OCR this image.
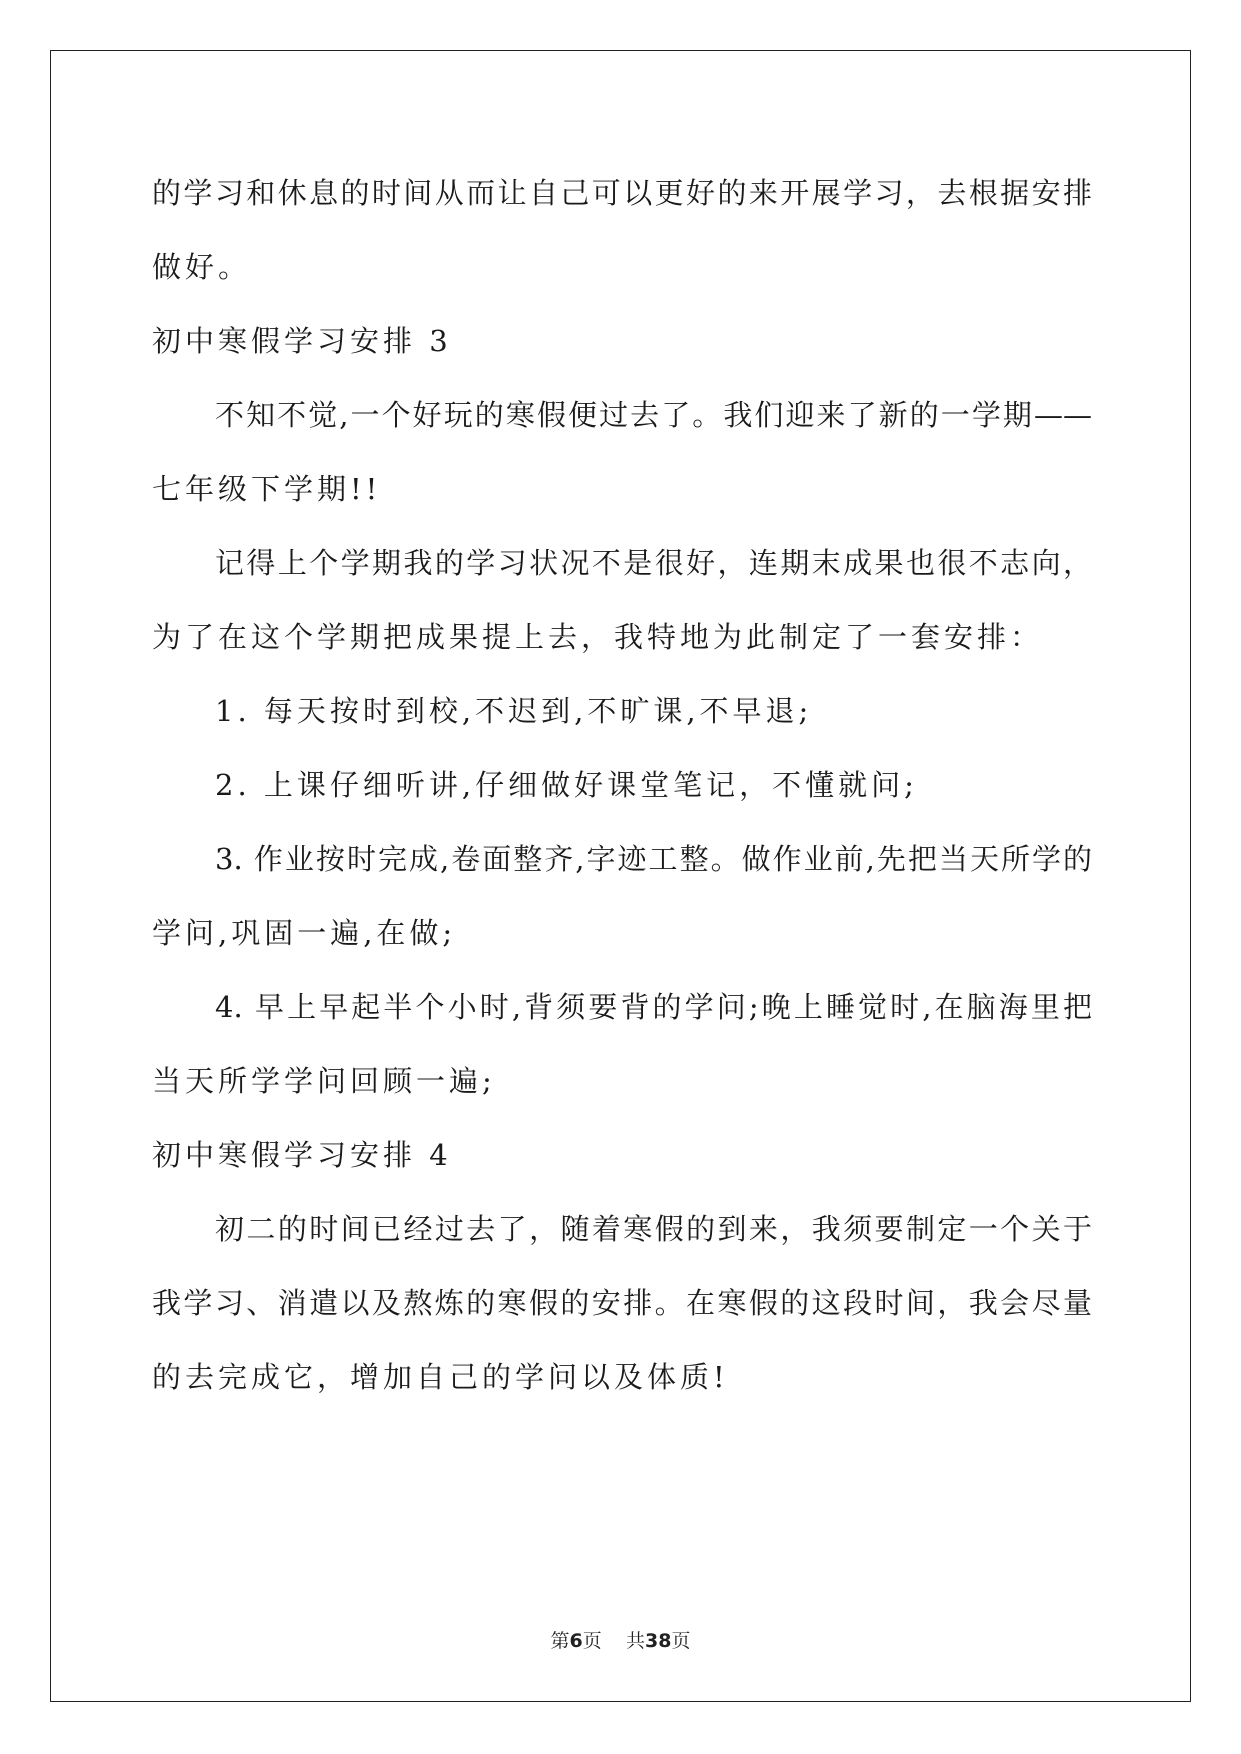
的学习和休息的时间从而让自己可以更好的来开展学习，去根据安排

做好。

初中寒假学习安排 3

不知不觉,一个好玩的寒假便过去了。我们迎来了新的一学期——

七年级下学期!!

记得上个学期我的学习状况不是很好，连期末成果也很不志向，

为了在这个学期把成果提上去，我特地为此制定了一套安排：

1. 每天按时到校,不迟到,不旷课,不早退;

2. 上课仔细听讲,仔细做好课堂笔记，不懂就问;

3. 作业按时完成,卷面整齐,字迹工整。做作业前,先把当天所学的

学问,巩固一遍,在做;

4. 早上早起半个小时,背须要背的学问;晚上睡觉时,在脑海里把

当天所学学问回顾一遍;

初中寒假学习安排 4

初二的时间已经过去了，随着寒假的到来，我须要制定一个关于

我学习、消遣以及熬炼的寒假的安排。在寒假的这段时间，我会尽量

的去完成它，增加自己的学问以及体质!

第6页 共38页
